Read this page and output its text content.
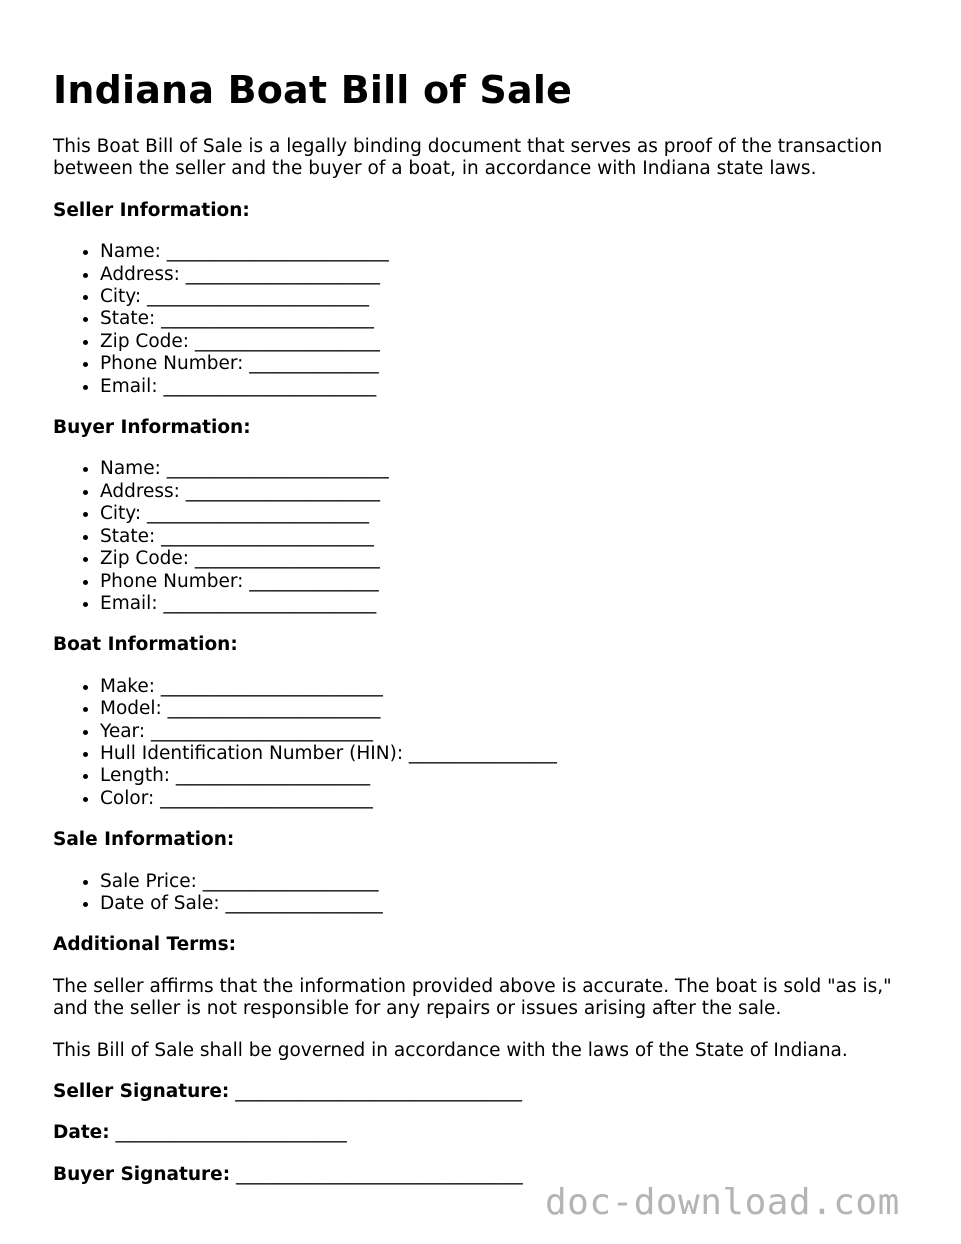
Indiana Boat Bill of Sale

This Boat Bill of Sale is a legally binding document that serves as proof of the transaction between the seller and the buyer of a boat, in accordance with Indiana state laws.

Seller Information:
• Name: ________________________
• Address: _____________________
• City: ________________________
• State: _______________________
• Zip Code: ____________________
• Phone Number: ______________
• Email: _______________________
Buyer Information:
• Name: ________________________
• Address: _____________________
• City: ________________________
• State: _______________________
• Zip Code: ____________________
• Phone Number: ______________
• Email: _______________________
Boat Information:
• Make: ________________________
• Model: _______________________
• Year: ________________________
• Hull Identification Number (HIN): ________________
• Length: _____________________
• Color: _______________________
Sale Information:
• Sale Price: ___________________
• Date of Sale: _________________
Additional Terms:

The seller affirms that the information provided above is accurate. The boat is sold "as is," and the seller is not responsible for any repairs or issues arising after the sale.

This Bill of Sale shall be governed in accordance with the laws of the State of Indiana.

Seller Signature: _______________________________
Date: _________________________
Buyer Signature: _______________________________
doc-download.com
